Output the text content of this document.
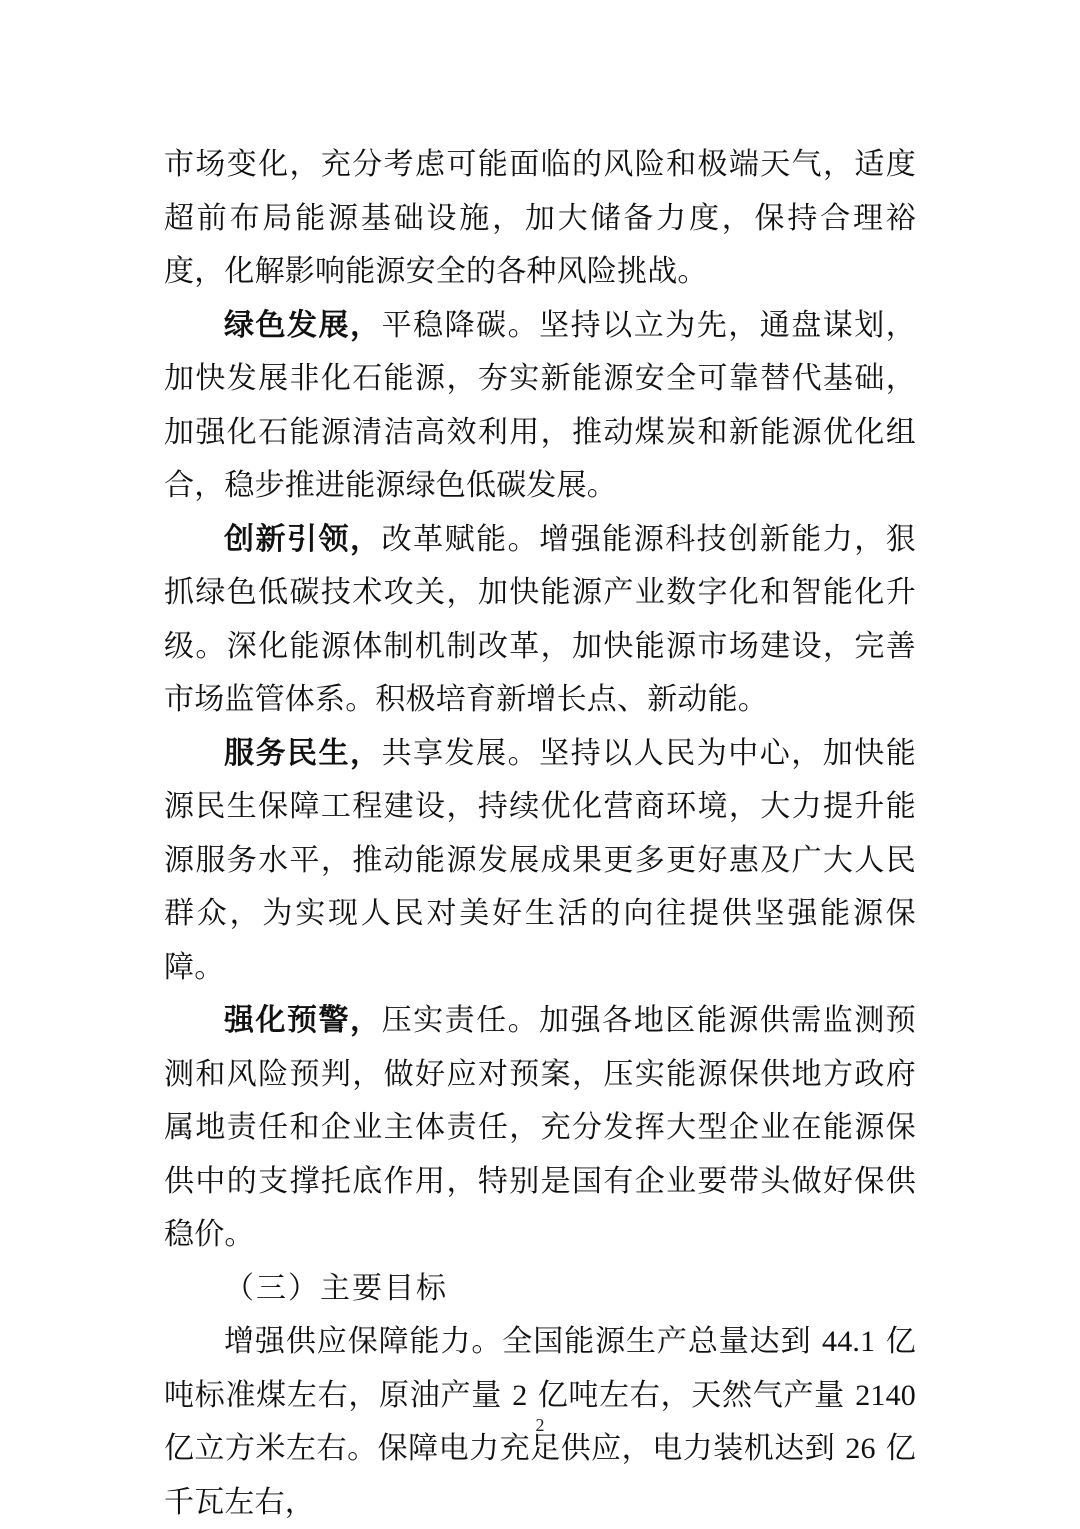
市场变化，充分考虑可能面临的风险和极端天气，适度超前布局能源基础设施，加大储备力度，保持合理裕度，化解影响能源安全的各种风险挑战。

绿色发展，平稳降碳。坚持以立为先，通盘谋划，加快发展非化石能源，夯实新能源安全可靠替代基础，加强化石能源清洁高效利用，推动煤炭和新能源优化组合，稳步推进能源绿色低碳发展。

创新引领，改革赋能。增强能源科技创新能力，狠抓绿色低碳技术攻关，加快能源产业数字化和智能化升级。深化能源体制机制改革，加快能源市场建设，完善市场监管体系。积极培育新增长点、新动能。

服务民生，共享发展。坚持以人民为中心，加快能源民生保障工程建设，持续优化营商环境，大力提升能源服务水平，推动能源发展成果更多更好惠及广大人民群众，为实现人民对美好生活的向往提供坚强能源保障。

强化预警，压实责任。加强各地区能源供需监测预测和风险预判，做好应对预案，压实能源保供地方政府属地责任和企业主体责任，充分发挥大型企业在能源保供中的支撑托底作用，特别是国有企业要带头做好保供稳价。

（三）主要目标

增强供应保障能力。全国能源生产总量达到 44.1 亿吨标准煤左右，原油产量 2 亿吨左右，天然气产量 2140 亿立方米左右。保障电力充足供应，电力装机达到 26 亿千瓦左右，

2
